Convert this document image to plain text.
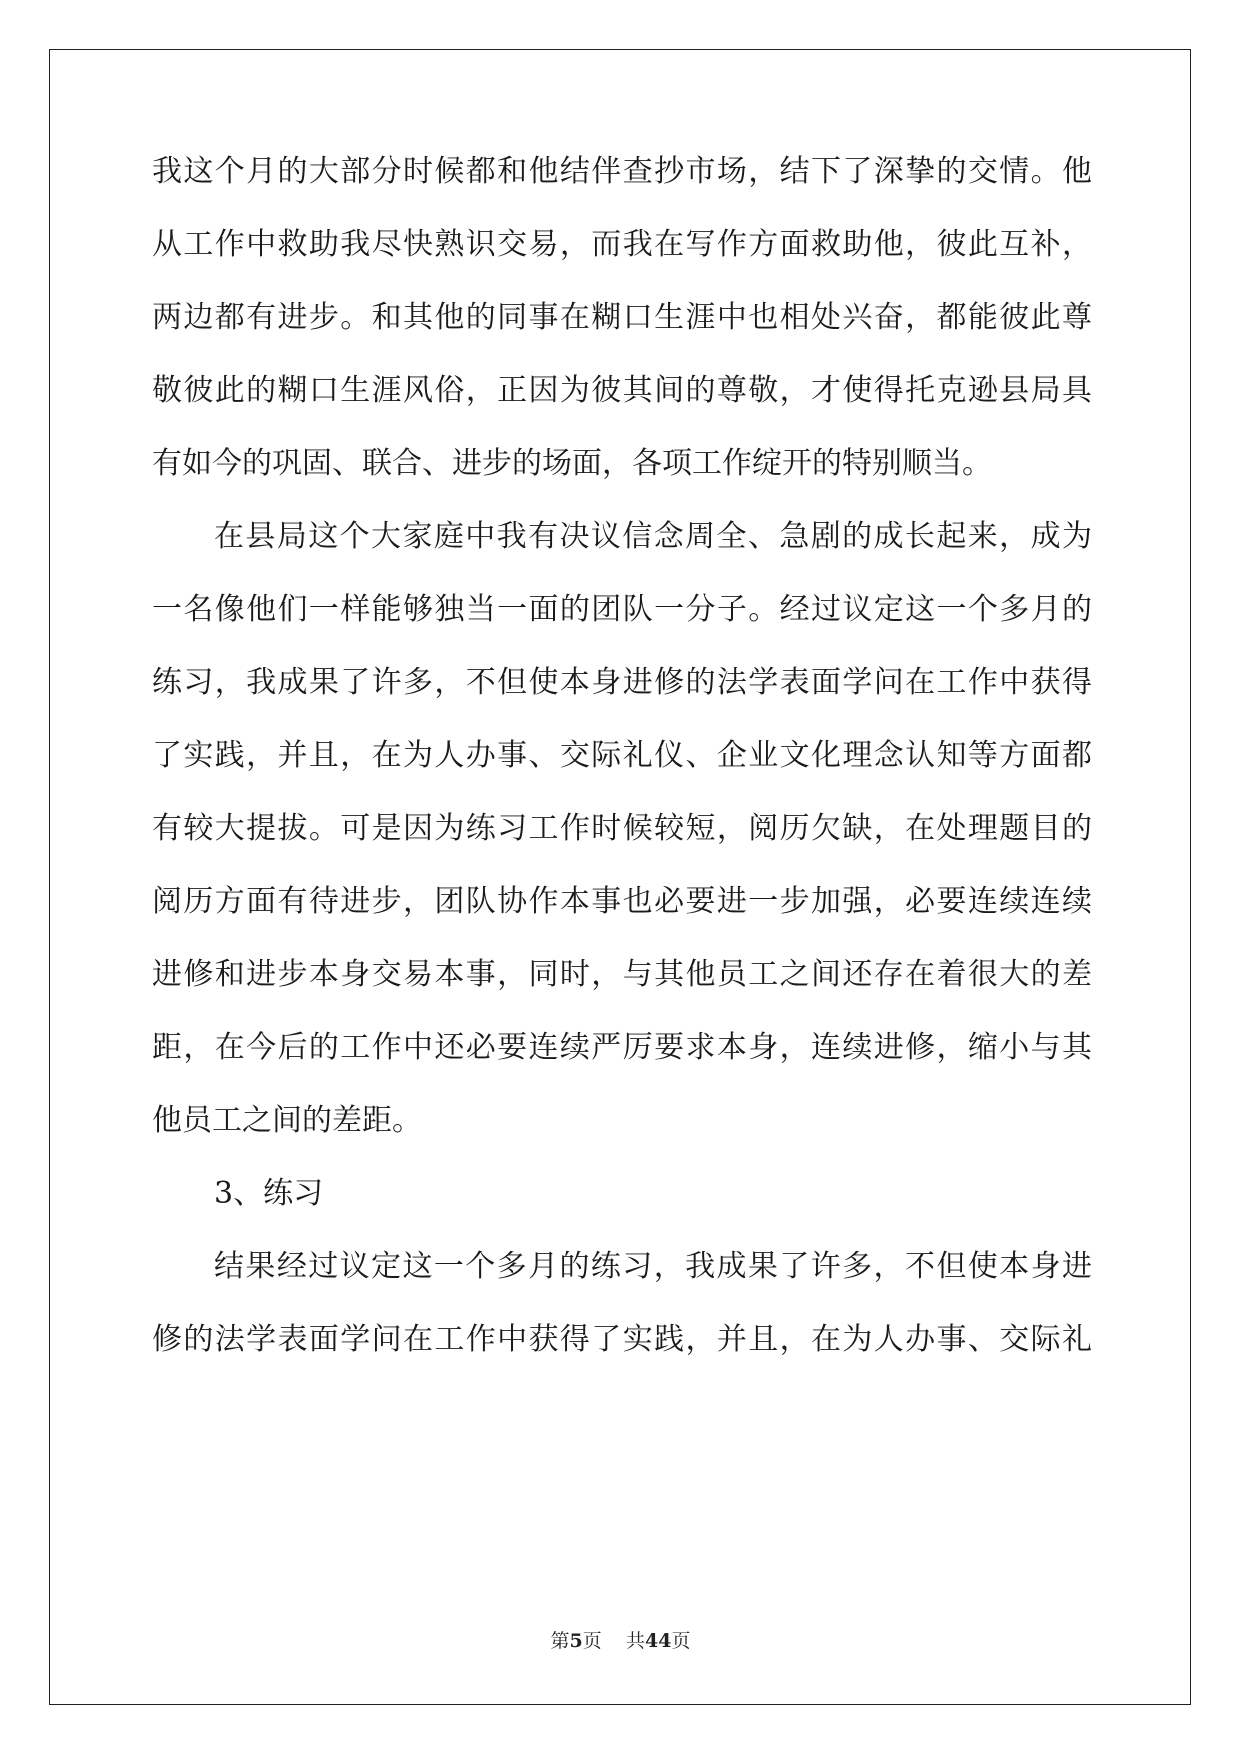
我这个月的大部分时候都和他结伴查抄市场，结下了深挚的交情。他
从工作中救助我尽快熟识交易，而我在写作方面救助他，彼此互补，
两边都有进步。和其他的同事在糊口生涯中也相处兴奋，都能彼此尊
敬彼此的糊口生涯风俗，正因为彼其间的尊敬，才使得托克逊县局具
有如今的巩固、联合、进步的场面，各项工作绽开的特别顺当。
在县局这个大家庭中我有决议信念周全、急剧的成长起来，成为
一名像他们一样能够独当一面的团队一分子。经过议定这一个多月的
练习，我成果了许多，不但使本身进修的法学表面学问在工作中获得
了实践，并且，在为人办事、交际礼仪、企业文化理念认知等方面都
有较大提拔。可是因为练习工作时候较短，阅历欠缺，在处理题目的
阅历方面有待进步，团队协作本事也必要进一步加强，必要连续连续
进修和进步本身交易本事，同时，与其他员工之间还存在着很大的差
距，在今后的工作中还必要连续严厉要求本身，连续进修，缩小与其
他员工之间的差距。
3、练习
结果经过议定这一个多月的练习，我成果了许多，不但使本身进
修的法学表面学问在工作中获得了实践，并且，在为人办事、交际礼
第5页 共44页
